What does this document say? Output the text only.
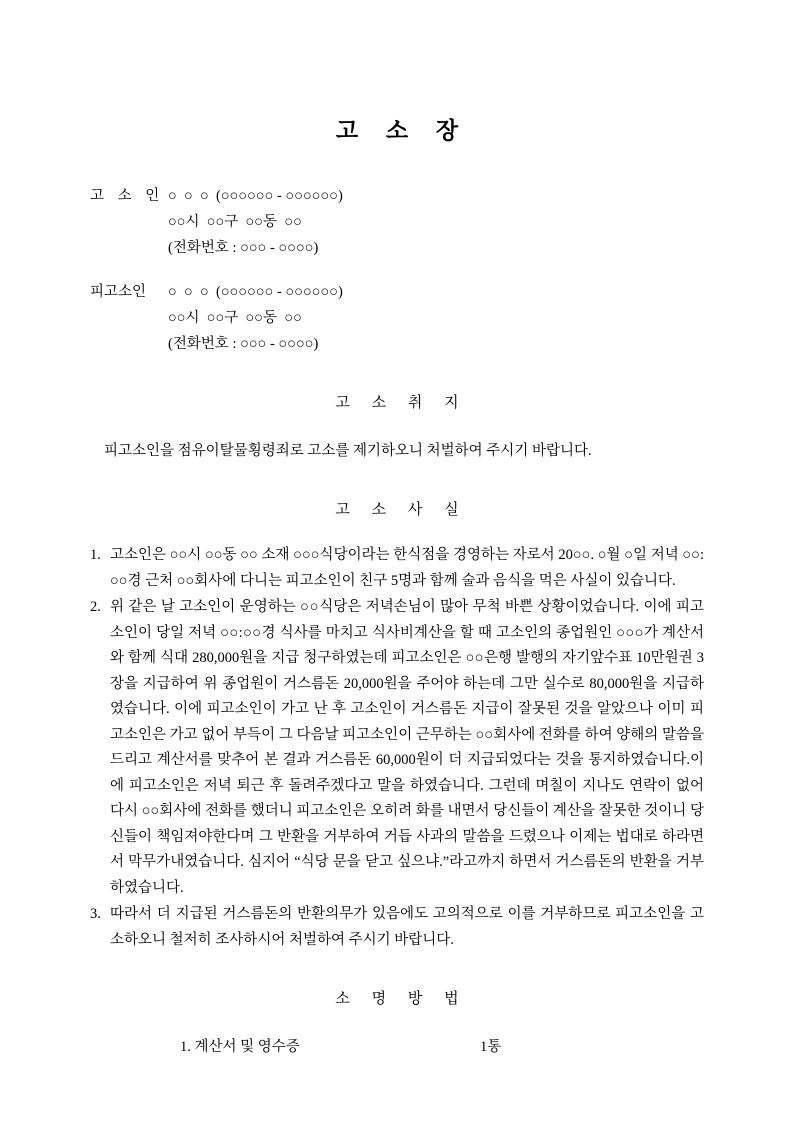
고 소 장
고 소 인 ○  ○  ○  (○○○○○○ - ○○○○○○)
○○시  ○○구  ○○동  ○○
(전화번호 : ○○○ - ○○○○)
피고소인	○  ○  ○  (○○○○○○ - ○○○○○○)
○○시  ○○구  ○○동  ○○
(전화번호 : ○○○ - ○○○○)
고 소 취 지
피고소인을 점유이탈물횡령죄로 고소를 제기하오니 처벌하여 주시기 바랍니다.
고 소 사 실
1. 고소인은 ○○시 ○○동 ○○ 소재 ○○○식당이라는 한식점을 경영하는 자로서 20○○. ○월 ○일 저녁 ○○:○○경 근처 ○○회사에 다니는 피고소인이 친구 5명과 함께 술과 음식을 먹은 사실이 있습니다.
2. 위 같은 날 고소인이 운영하는 ○○식당은 저녁손님이 많아 무척 바쁜 상황이었습니다. 이에 피고소인이 당일 저녁 ○○:○○경 식사를 마치고 식사비계산을 할 때 고소인의 종업원인 ○○○가 계산서와 함께 식대 280,000원을 지급 청구하였는데 피고소인은 ○○은행 발행의 자기앞수표 10만원권 3장을 지급하여 위 종업원이 거스름돈 20,000원을 주어야 하는데 그만 실수로 80,000원을 지급하였습니다. 이에 피고소인이 가고 난 후 고소인이 거스름돈 지급이 잘못된 것을 알았으나 이미 피고소인은 가고 없어 부득이 그 다음날 피고소인이 근무하는 ○○회사에 전화를 하여 양해의 말씀을 드리고 계산서를 맞추어 본 결과 거스름돈 60,000원이 더 지급되었다는 것을 통지하였습니다.이에 피고소인은 저녁 퇴근 후 돌려주겠다고 말을 하였습니다. 그런데 며칠이 지나도 연락이 없어 다시 ○○회사에 전화를 했더니 피고소인은 오히려 화를 내면서 당신들이 계산을 잘못한 것이니 당신들이 책임져야한다며 그 반환을 거부하여 거듭 사과의 말씀을 드렸으나 이제는 법대로 하라면서 막무가내였습니다. 심지어 “식당 문을 닫고 싶으냐.”라고까지 하면서 거스름돈의 반환을 거부하였습니다.
3. 따라서 더 지급된 거스름돈의 반환의무가 있음에도 고의적으로 이를 거부하므로 피고소인을 고소하오니 철저히 조사하시어 처벌하여 주시기 바랍니다.
소 명 방 법
1. 계산서 및 영수증	1통
